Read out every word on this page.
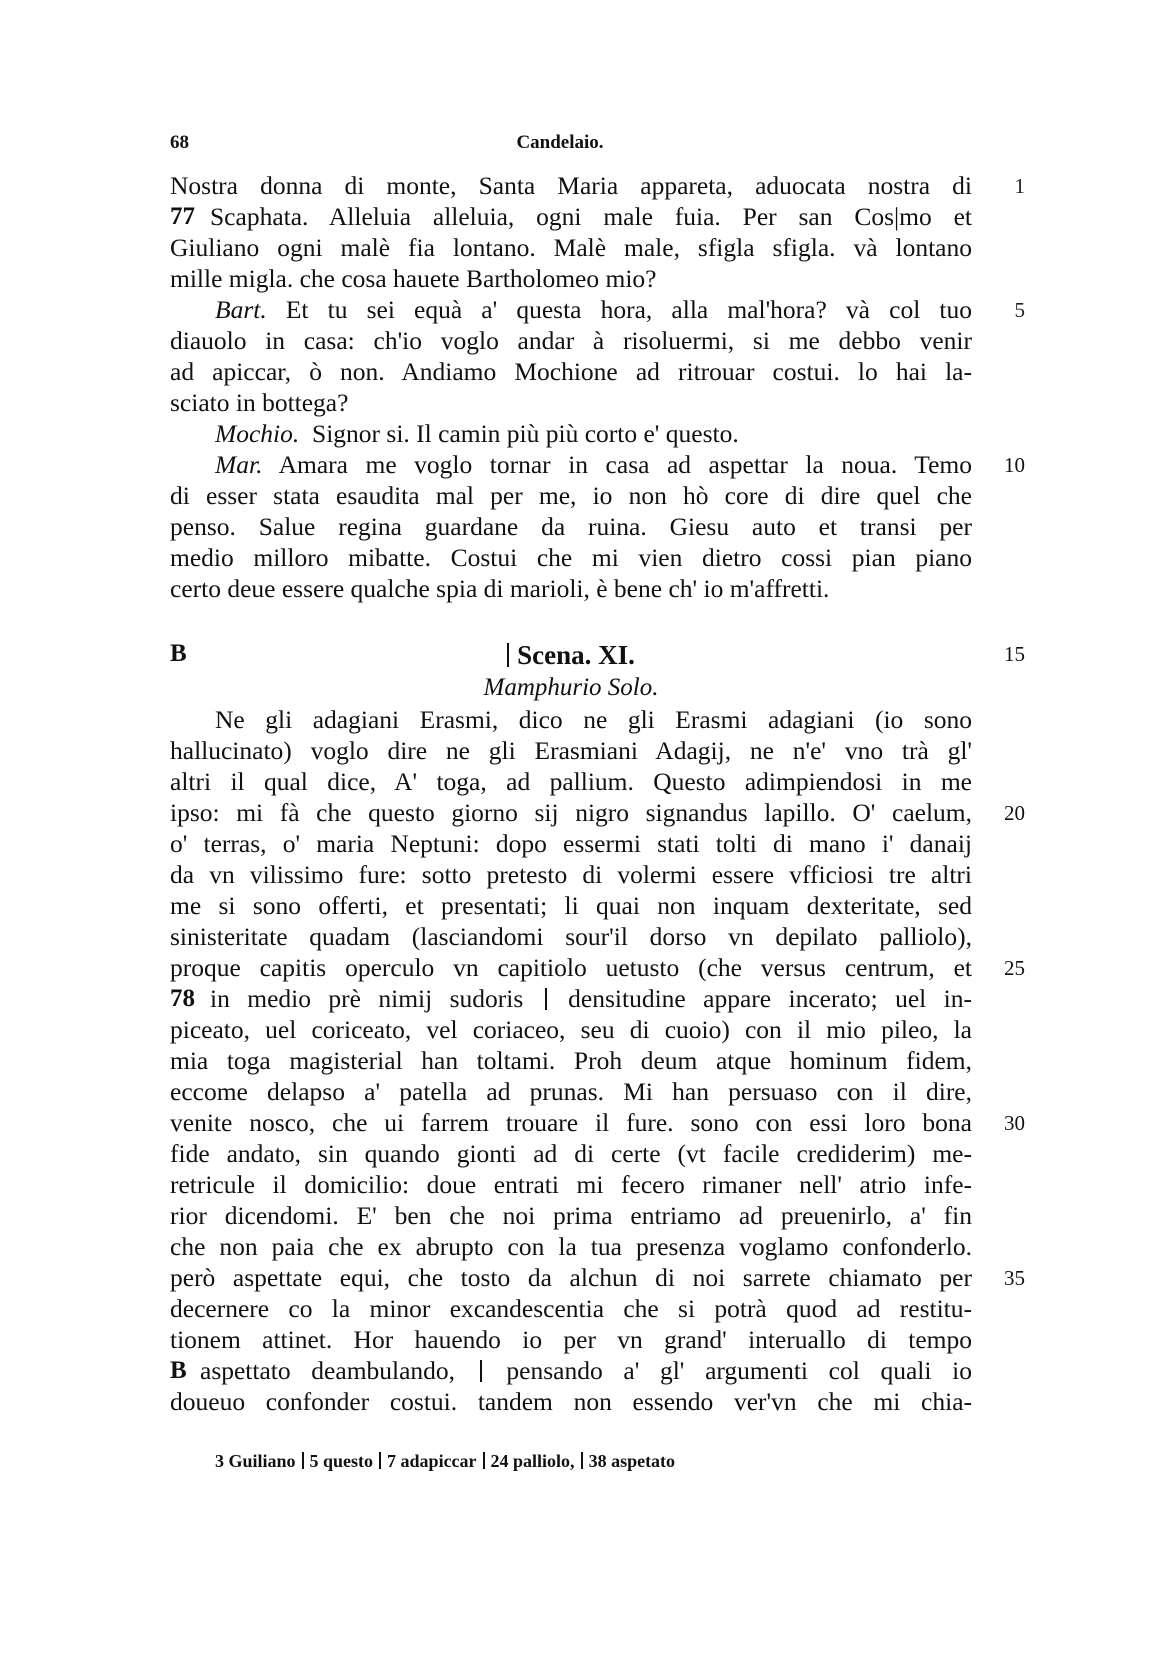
68	Candelaio.
Nostra donna di monte, Santa Maria appareta, aduocata nostra di	1
Scaphata. Alleluia alleluia, ogni male fuia. Per san Cos|mo et
77
Giuliano ogni malè fia lontano. Malè male, sfigla sfigla. và lontano
mille migla. che cosa hauete Bartholomeo mio?
Bart. Et tu sei equà a' questa hora, alla mal'hora? và col tuo	5
diauolo in casa: ch'io voglo andar à risoluermi, si me debbo venir
ad apiccar, ò non. Andiamo Mochione ad ritrouar costui. lo hai la-
sciato in bottega?
Mochio. Signor si. Il camin più più corto e' questo.
Mar. Amara me voglo tornar in casa ad aspettar la noua. Temo	10
di esser stata esaudita mal per me, io non hò core di dire quel che
penso. Salue regina guardane da ruina. Giesu auto et transi per
medio milloro mibatte. Costui che mi vien dietro cossi pian piano
certo deue essere qualche spia di marioli, è bene ch' io m'affretti.
B	Scena. XI.	15
Mamphurio Solo.
Ne gli adagiani Erasmi, dico ne gli Erasmi adagiani (io sono
hallucinato) voglo dire ne gli Erasmiani Adagij, ne n'e' vno trà gl'
altri il qual dice, A' toga, ad pallium. Questo adimpiendosi in me
ipso: mi fà che questo giorno sij nigro signandus lapillo. O' caelum,	20
o' terras, o' maria Neptuni: dopo essermi stati tolti di mano i' danaij
da vn vilissimo fure: sotto pretesto di volermi essere vfficiosi tre altri
me si sono offerti, et presentati; li quai non inquam dexteritate, sed
sinisteritate quadam (lasciandomi sour'il dorso vn depilato palliolo),
proque capitis operculo vn capitiolo uetusto (che versus centrum, et	25
78 in medio prè nimij sudoris densitudine appare incerato; uel in-
piceato, uel coriceato, vel coriaceo, seu di cuoio) con il mio pileo, la
mia toga magisterial han toltami. Proh deum atque hominum fidem,
eccome delapso a' patella ad prunas. Mi han persuaso con il dire,
venite nosco, che ui farrem trouare il fure. sono con essi loro bona	30
fide andato, sin quando gionti ad di certe (vt facile crediderim) me-
retricule il domicilio: doue entrati mi fecero rimaner nell' atrio infe-
rior dicendomi. E' ben che noi prima entriamo ad preuenirlo, a' fin
che non paia che ex abrupto con la tua presenza voglamo confonderlo.
però aspettate equi, che tosto da alchun di noi sarrete chiamato per	35
decernere co la minor excandescentia che si potrà quod ad restitu-
tionem attinet. Hor hauendo io per vn grand' interuallo di tempo
B aspettato deambulando, pensando a' gl' argumenti col quali io
doueuo confonder costui. tandem non essendo ver'vn che mi chia-
3 Guiliano 5 questo 7 adapiccar 24 palliolo, 38 aspetato
